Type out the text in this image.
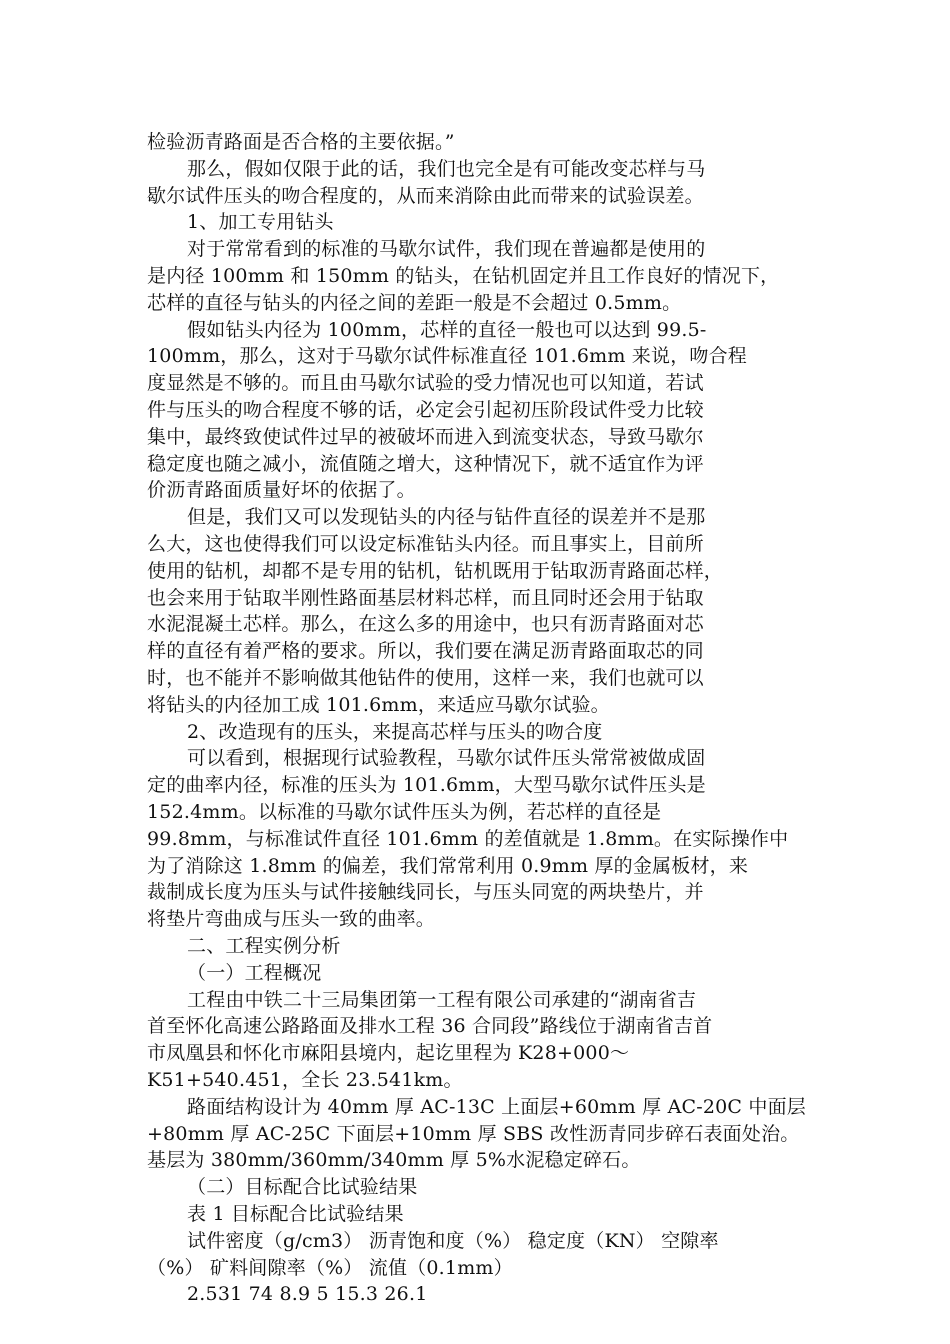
检验沥青路面是否合格的主要依据。”
那么，假如仅限于此的话，我们也完全是有可能改变芯样与马
歇尔试件压头的吻合程度的，从而来消除由此而带来的试验误差。
1、加工专用钻头
对于常常看到的标准的马歇尔试件，我们现在普遍都是使用的
是内径 100mm 和 150mm 的钻头，在钻机固定并且工作良好的情况下，
芯样的直径与钻头的内径之间的差距一般是不会超过 0.5mm。
假如钻头内径为 100mm，芯样的直径一般也可以达到 99.5-
100mm，那么，这对于马歇尔试件标准直径 101.6mm 来说，吻合程
度显然是不够的。而且由马歇尔试验的受力情况也可以知道，若试
件与压头的吻合程度不够的话，必定会引起初压阶段试件受力比较
集中，最终致使试件过早的被破坏而进入到流变状态，导致马歇尔
稳定度也随之减小，流值随之增大，这种情况下，就不适宜作为评
价沥青路面质量好坏的依据了。
但是，我们又可以发现钻头的内径与钻件直径的误差并不是那
么大，这也使得我们可以设定标准钻头内径。而且事实上，目前所
使用的钻机，却都不是专用的钻机，钻机既用于钻取沥青路面芯样，
也会来用于钻取半刚性路面基层材料芯样，而且同时还会用于钻取
水泥混凝土芯样。那么，在这么多的用途中，也只有沥青路面对芯
样的直径有着严格的要求。所以，我们要在满足沥青路面取芯的同
时，也不能并不影响做其他钻件的使用，这样一来，我们也就可以
将钻头的内径加工成 101.6mm，来适应马歇尔试验。
2、改造现有的压头，来提高芯样与压头的吻合度
可以看到，根据现行试验教程，马歇尔试件压头常常被做成固
定的曲率内径，标准的压头为 101.6mm，大型马歇尔试件压头是
152.4mm。以标准的马歇尔试件压头为例，若芯样的直径是
99.8mm，与标准试件直径 101.6mm 的差值就是 1.8mm。在实际操作中
为了消除这 1.8mm 的偏差，我们常常利用 0.9mm 厚的金属板材，来
裁制成长度为压头与试件接触线同长，与压头同宽的两块垫片，并
将垫片弯曲成与压头一致的曲率。
二、工程实例分析
（一）工程概况
工程由中铁二十三局集团第一工程有限公司承建的“湖南省吉
首至怀化高速公路路面及排水工程 36 合同段”路线位于湖南省吉首
市凤凰县和怀化市麻阳县境内，起讫里程为 K28+000～
K51+540.451，全长 23.541km。
路面结构设计为 40mm 厚 AC-13C 上面层+60mm 厚 AC-20C 中面层
+80mm 厚 AC-25C 下面层+10mm 厚 SBS 改性沥青同步碎石表面处治。
基层为 380mm/360mm/340mm 厚 5%水泥稳定碎石。
（二）目标配合比试验结果
表 1 目标配合比试验结果
试件密度（g/cm3） 沥青饱和度（%） 稳定度（KN） 空隙率
（%） 矿料间隙率（%） 流值（0.1mm）
2.531 74 8.9 5 15.3 26.1
